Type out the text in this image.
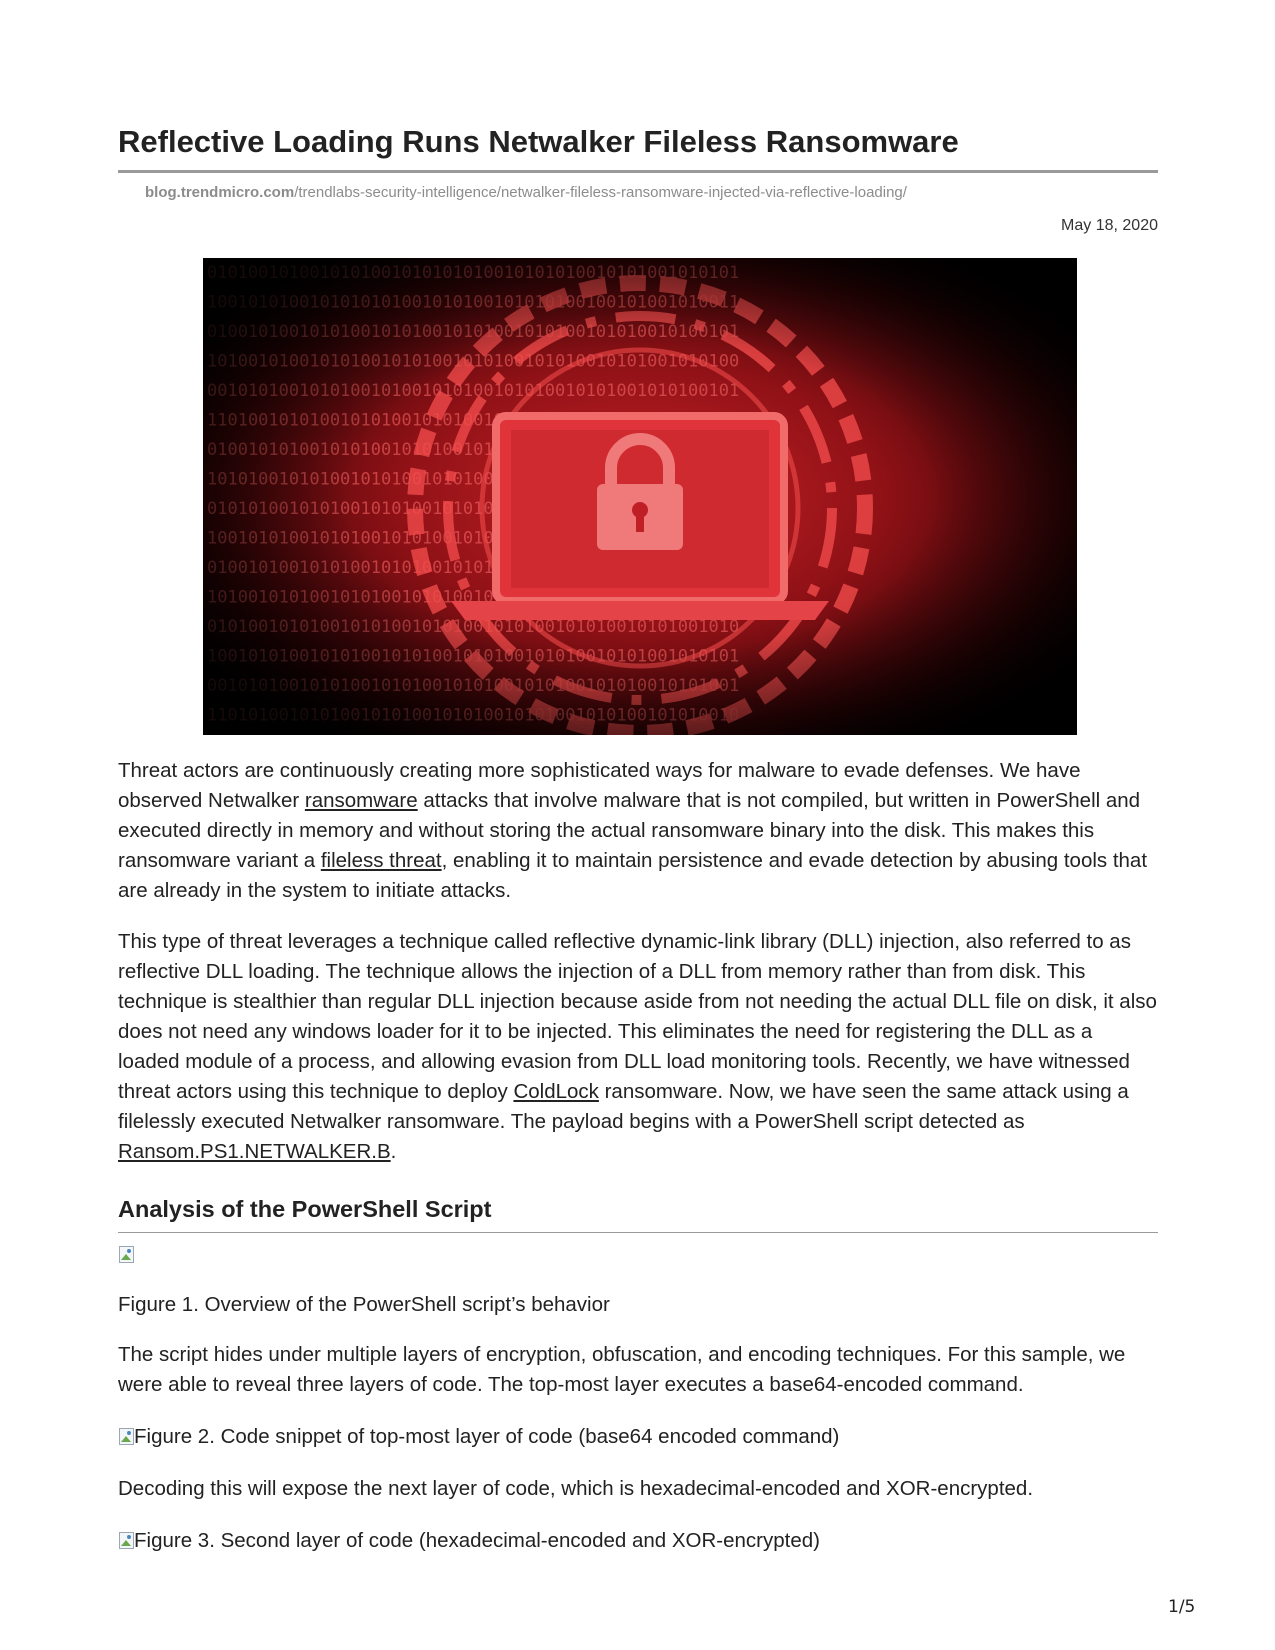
Reflective Loading Runs Netwalker Fileless Ransomware
blog.trendmicro.com/trendlabs-security-intelligence/netwalker-fileless-ransomware-injected-via-reflective-loading/
May 18, 2020

Threat actors are continuously creating more sophisticated ways for malware to evade defenses. We have observed Netwalker ransomware attacks that involve malware that is not compiled, but written in PowerShell and executed directly in memory and without storing the actual ransomware binary into the disk. This makes this ransomware variant a fileless threat, enabling it to maintain persistence and evade detection by abusing tools that are already in the system to initiate attacks.

This type of threat leverages a technique called reflective dynamic-link library (DLL) injection, also referred to as reflective DLL loading. The technique allows the injection of a DLL from memory rather than from disk. This technique is stealthier than regular DLL injection because aside from not needing the actual DLL file on disk, it also does not need any windows loader for it to be injected. This eliminates the need for registering the DLL as a loaded module of a process, and allowing evasion from DLL load monitoring tools. Recently, we have witnessed threat actors using this technique to deploy ColdLock ransomware. Now, we have seen the same attack using a filelessly executed Netwalker ransomware. The payload begins with a PowerShell script detected as Ransom.PS1.NETWALKER.B.

Analysis of the PowerShell Script
Figure 1. Overview of the PowerShell script’s behavior

The script hides under multiple layers of encryption, obfuscation, and encoding techniques. For this sample, we were able to reveal three layers of code. The top-most layer executes a base64-encoded command.

Figure 2. Code snippet of top-most layer of code (base64 encoded command)

Decoding this will expose the next layer of code, which is hexadecimal-encoded and XOR-encrypted.

Figure 3. Second layer of code (hexadecimal-encoded and XOR-encrypted)
1/5
